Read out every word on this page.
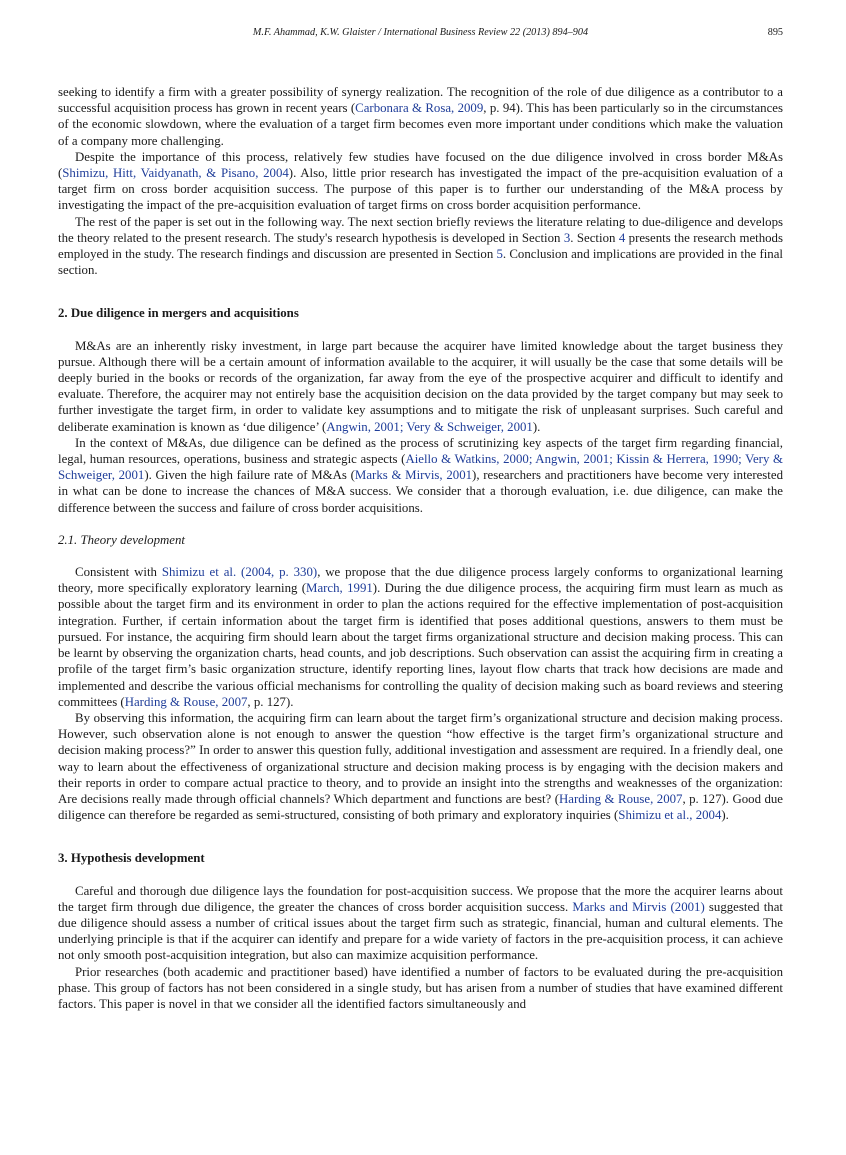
M.F. Ahammad, K.W. Glaister / International Business Review 22 (2013) 894–904	895

seeking to identify a firm with a greater possibility of synergy realization. The recognition of the role of due diligence as a contributor to a successful acquisition process has grown in recent years (Carbonara & Rosa, 2009, p. 94). This has been particularly so in the circumstances of the economic slowdown, where the evaluation of a target firm becomes even more important under conditions which make the valuation of a company more challenging.

Despite the importance of this process, relatively few studies have focused on the due diligence involved in cross border M&As (Shimizu, Hitt, Vaidyanath, & Pisano, 2004). Also, little prior research has investigated the impact of the pre-acquisition evaluation of a target firm on cross border acquisition success. The purpose of this paper is to further our understanding of the M&A process by investigating the impact of the pre-acquisition evaluation of target firms on cross border acquisition performance.

The rest of the paper is set out in the following way. The next section briefly reviews the literature relating to due-diligence and develops the theory related to the present research. The study's research hypothesis is developed in Section 3. Section 4 presents the research methods employed in the study. The research findings and discussion are presented in Section 5. Conclusion and implications are provided in the final section.

2. Due diligence in mergers and acquisitions

M&As are an inherently risky investment, in large part because the acquirer have limited knowledge about the target business they pursue. Although there will be a certain amount of information available to the acquirer, it will usually be the case that some details will be deeply buried in the books or records of the organization, far away from the eye of the prospective acquirer and difficult to identify and evaluate. Therefore, the acquirer may not entirely base the acquisition decision on the data provided by the target company but may seek to further investigate the target firm, in order to validate key assumptions and to mitigate the risk of unpleasant surprises. Such careful and deliberate examination is known as ‘due diligence’ (Angwin, 2001; Very & Schweiger, 2001).

In the context of M&As, due diligence can be defined as the process of scrutinizing key aspects of the target firm regarding financial, legal, human resources, operations, business and strategic aspects (Aiello & Watkins, 2000; Angwin, 2001; Kissin & Herrera, 1990; Very & Schweiger, 2001). Given the high failure rate of M&As (Marks & Mirvis, 2001), researchers and practitioners have become very interested in what can be done to increase the chances of M&A success. We consider that a thorough evaluation, i.e. due diligence, can make the difference between the success and failure of cross border acquisitions.

2.1. Theory development

Consistent with Shimizu et al. (2004, p. 330), we propose that the due diligence process largely conforms to organizational learning theory, more specifically exploratory learning (March, 1991). During the due diligence process, the acquiring firm must learn as much as possible about the target firm and its environment in order to plan the actions required for the effective implementation of post-acquisition integration. Further, if certain information about the target firm is identified that poses additional questions, answers to them must be pursued. For instance, the acquiring firm should learn about the target firms organizational structure and decision making process. This can be learnt by observing the organization charts, head counts, and job descriptions. Such observation can assist the acquiring firm in creating a profile of the target firm’s basic organization structure, identify reporting lines, layout flow charts that track how decisions are made and implemented and describe the various official mechanisms for controlling the quality of decision making such as board reviews and steering committees (Harding & Rouse, 2007, p. 127).

By observing this information, the acquiring firm can learn about the target firm’s organizational structure and decision making process. However, such observation alone is not enough to answer the question “how effective is the target firm’s organizational structure and decision making process?” In order to answer this question fully, additional investigation and assessment are required. In a friendly deal, one way to learn about the effectiveness of organizational structure and decision making process is by engaging with the decision makers and their reports in order to compare actual practice to theory, and to provide an insight into the strengths and weaknesses of the organization: Are decisions really made through official channels? Which department and functions are best? (Harding & Rouse, 2007, p. 127). Good due diligence can therefore be regarded as semi-structured, consisting of both primary and exploratory inquiries (Shimizu et al., 2004).

3. Hypothesis development

Careful and thorough due diligence lays the foundation for post-acquisition success. We propose that the more the acquirer learns about the target firm through due diligence, the greater the chances of cross border acquisition success. Marks and Mirvis (2001) suggested that due diligence should assess a number of critical issues about the target firm such as strategic, financial, human and cultural elements. The underlying principle is that if the acquirer can identify and prepare for a wide variety of factors in the pre-acquisition process, it can achieve not only smooth post-acquisition integration, but also can maximize acquisition performance.

Prior researches (both academic and practitioner based) have identified a number of factors to be evaluated during the pre-acquisition phase. This group of factors has not been considered in a single study, but has arisen from a number of studies that have examined different factors. This paper is novel in that we consider all the identified factors simultaneously and
